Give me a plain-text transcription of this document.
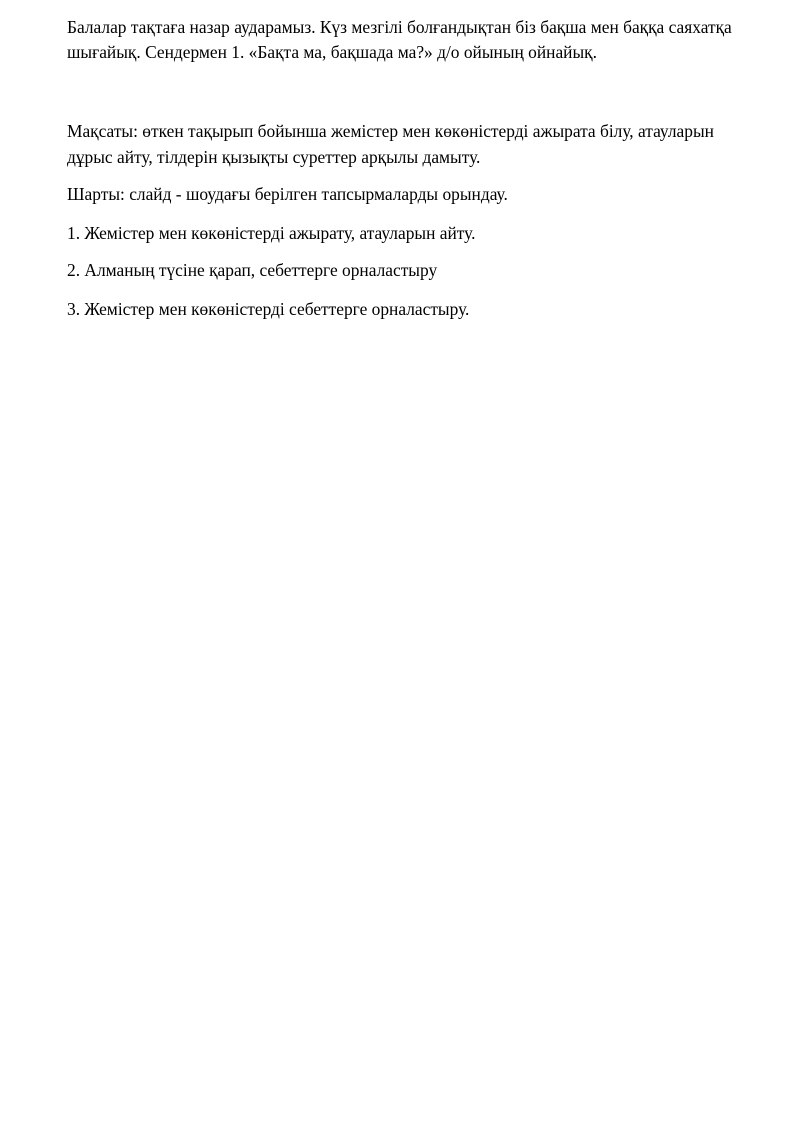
Балалар тақтаға назар аударамыз. Күз мезгілі болғандықтан біз бақша мен баққа саяхатқа шығайық. Сендермен 1. «Бақта ма, бақшада ма?» д/о ойының ойнайық.

Мақсаты: өткен тақырып бойынша жемістер мен көкөністерді ажырата білу, атауларын дұрыс айту, тілдерін қызықты суреттер арқылы дамыту.

Шарты: слайд - шоудағы берілген тапсырмаларды орындау.

1. Жемістер мен көкөністерді ажырату, атауларын айту.

2. Алманың түсіне қарап, себеттерге орналастыру

3. Жемістер мен көкөністерді себеттерге орналастыру.
